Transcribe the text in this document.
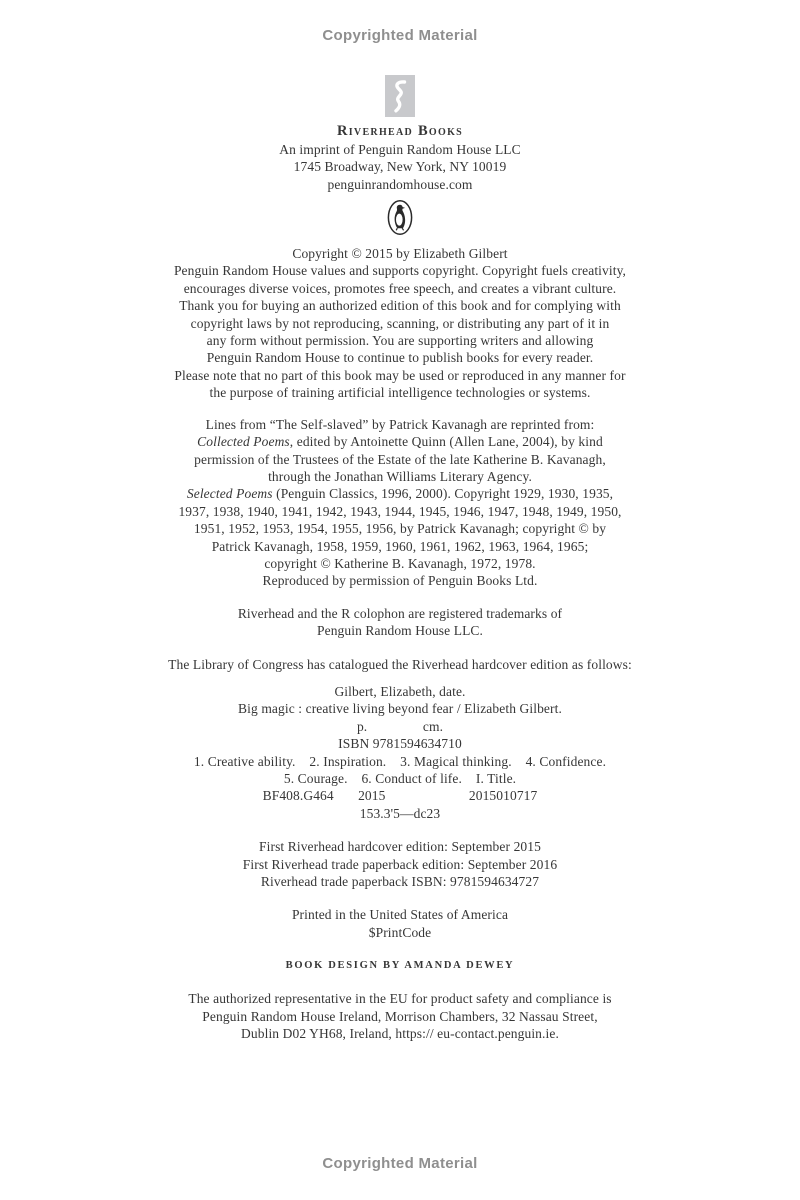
Copyrighted Material
Riverhead Books
An imprint of Penguin Random House LLC
1745 Broadway, New York, NY 10019
penguinrandomhouse.com
Copyright © 2015 by Elizabeth Gilbert
Penguin Random House values and supports copyright. Copyright fuels creativity,
encourages diverse voices, promotes free speech, and creates a vibrant culture.
Thank you for buying an authorized edition of this book and for complying with
copyright laws by not reproducing, scanning, or distributing any part of it in
any form without permission. You are supporting writers and allowing
Penguin Random House to continue to publish books for every reader.
Please note that no part of this book may be used or reproduced in any manner for
the purpose of training artificial intelligence technologies or systems.
Lines from “The Self-slaved” by Patrick Kavanagh are reprinted from:
Collected Poems, edited by Antoinette Quinn (Allen Lane, 2004), by kind
permission of the Trustees of the Estate of the late Katherine B. Kavanagh,
through the Jonathan Williams Literary Agency.
Selected Poems (Penguin Classics, 1996, 2000). Copyright 1929, 1930, 1935,
1937, 1938, 1940, 1941, 1942, 1943, 1944, 1945, 1946, 1947, 1948, 1949, 1950,
1951, 1952, 1953, 1954, 1955, 1956, by Patrick Kavanagh; copyright © by
Patrick Kavanagh, 1958, 1959, 1960, 1961, 1962, 1963, 1964, 1965;
copyright © Katherine B. Kavanagh, 1972, 1978.
Reproduced by permission of Penguin Books Ltd.
Riverhead and the R colophon are registered trademarks of
Penguin Random House LLC.
The Library of Congress has catalogued the Riverhead hardcover edition as follows:
Gilbert, Elizabeth, date.
Big magic : creative living beyond fear / Elizabeth Gilbert.
p.                cm.
ISBN 9781594634710
1. Creative ability.    2. Inspiration.    3. Magical thinking.    4. Confidence.
5. Courage.    6. Conduct of life.    I. Title.
BF408.G464       2015                        2015010717
153.3'5—dc23
First Riverhead hardcover edition: September 2015
First Riverhead trade paperback edition: September 2016
Riverhead trade paperback ISBN: 9781594634727
Printed in the United States of America
$PrintCode
BOOK DESIGN BY AMANDA DEWEY
The authorized representative in the EU for product safety and compliance is
Penguin Random House Ireland, Morrison Chambers, 32 Nassau Street,
Dublin D02 YH68, Ireland, https:// eu-contact.penguin.ie.
Copyrighted Material
